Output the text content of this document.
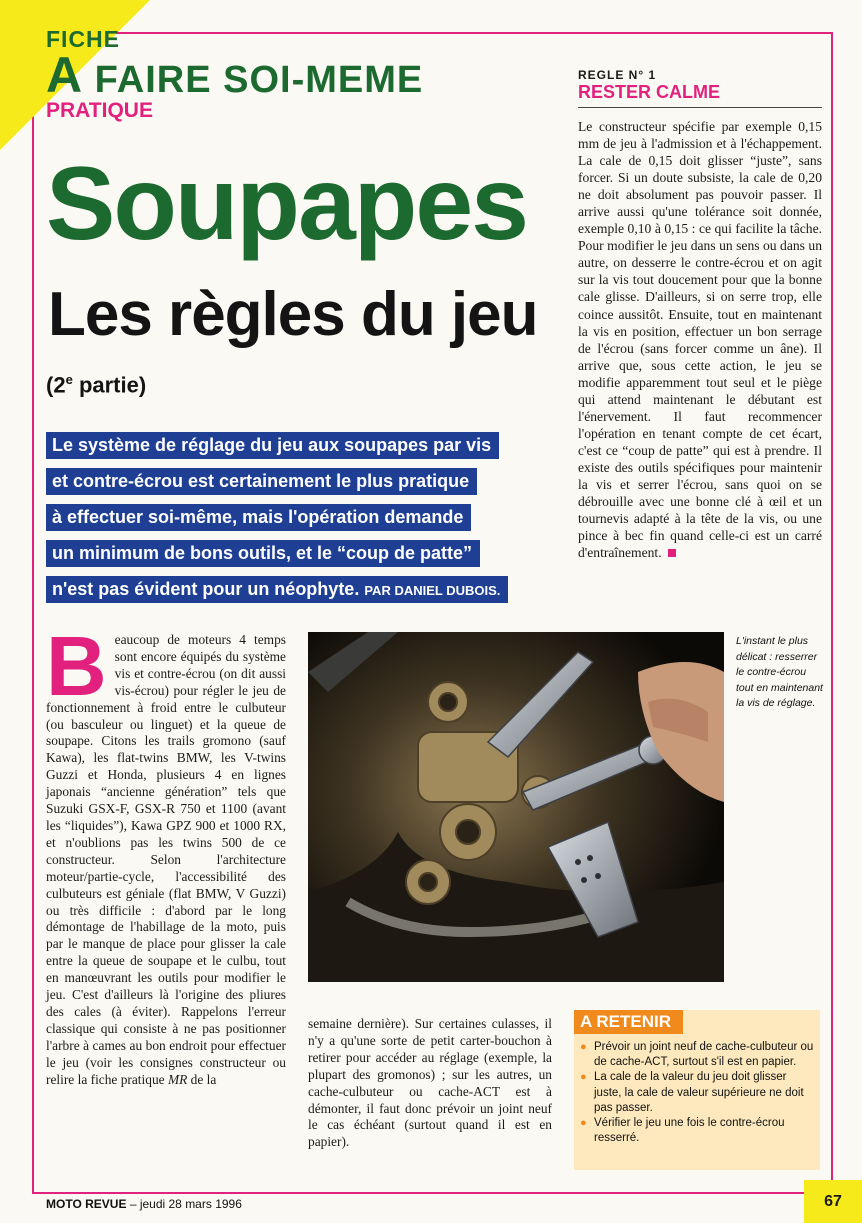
FICHE
A FAIRE SOI-MEME
PRATIQUE
Soupapes
Les règles du jeu
(2e partie)
Le système de réglage du jeu aux soupapes par vis
et contre-écrou est certainement le plus pratique
à effectuer soi-même, mais l'opération demande
un minimum de bons outils, et le “coup de patte”
n'est pas évident pour un néophyte. PAR DANIEL DUBOIS.
REGLE N° 1
RESTER CALME
Le constructeur spécifie par exemple 0,15 mm de jeu à l'admission et à l'échappement. La cale de 0,15 doit glisser “juste”, sans forcer. Si un doute subsiste, la cale de 0,20 ne doit absolument pas pouvoir passer. Il arrive aussi qu'une tolérance soit donnée, exemple 0,10 à 0,15 : ce qui facilite la tâche. Pour modifier le jeu dans un sens ou dans un autre, on desserre le contre-écrou et on agit sur la vis tout doucement pour que la bonne cale glisse. D'ailleurs, si on serre trop, elle coince aussitôt. Ensuite, tout en maintenant la vis en position, effectuer un bon serrage de l'écrou (sans forcer comme un âne). Il arrive que, sous cette action, le jeu se modifie apparemment tout seul et le piège qui attend maintenant le débutant est l'énervement. Il faut recommencer l'opération en tenant compte de cet écart, c'est ce “coup de patte” qui est à prendre. Il existe des outils spécifiques pour maintenir la vis et serrer l'écrou, sans quoi on se débrouille avec une bonne clé à œil et un tournevis adapté à la tête de la vis, ou une pince à bec fin quand celle-ci est un carré d'entraînement.
Beaucoup de moteurs 4 temps sont encore équipés du système vis et contre-écrou (on dit aussi vis-écrou) pour régler le jeu de fonctionnement à froid entre le culbuteur (ou basculeur ou linguet) et la queue de soupape. Citons les trails gromono (sauf Kawa), les flat-twins BMW, les V-twins Guzzi et Honda, plusieurs 4 en lignes japonais “ancienne génération” tels que Suzuki GSX-F, GSX-R 750 et 1100 (avant les “liquides”), Kawa GPZ 900 et 1000 RX, et n'oublions pas les twins 500 de ce constructeur. Selon l'architecture moteur/partie-cycle, l'accessibilité des culbuteurs est géniale (flat BMW, V Guzzi) ou très difficile : d'abord par le long démontage de l'habillage de la moto, puis par le manque de place pour glisser la cale entre la queue de soupape et le culbu, tout en manœuvrant les outils pour modifier le jeu. C'est d'ailleurs là l'origine des pliures des cales (à éviter). Rappelons l'erreur classique qui consiste à ne pas positionner l'arbre à cames au bon endroit pour effectuer le jeu (voir les consignes constructeur ou relire la fiche pratique MR de la
L'instant le plus délicat : resserrer le contre-écrou tout en maintenant la vis de réglage.
semaine dernière). Sur certaines culasses, il n'y a qu'une sorte de petit carter-bouchon à retirer pour accéder au réglage (exemple, la plupart des gromonos) ; sur les autres, un cache-culbuteur ou cache-ACT est à démonter, il faut donc prévoir un joint neuf le cas échéant (surtout quand il est en papier).
A RETENIR
● Prévoir un joint neuf de cache-culbuteur ou de cache-ACT, surtout s'il est en papier.
● La cale de la valeur du jeu doit glisser juste, la cale de valeur supérieure ne doit pas passer.
● Vérifier le jeu une fois le contre-écrou resserré.
MOTO REVUE – jeudi 28 mars 1996	67
